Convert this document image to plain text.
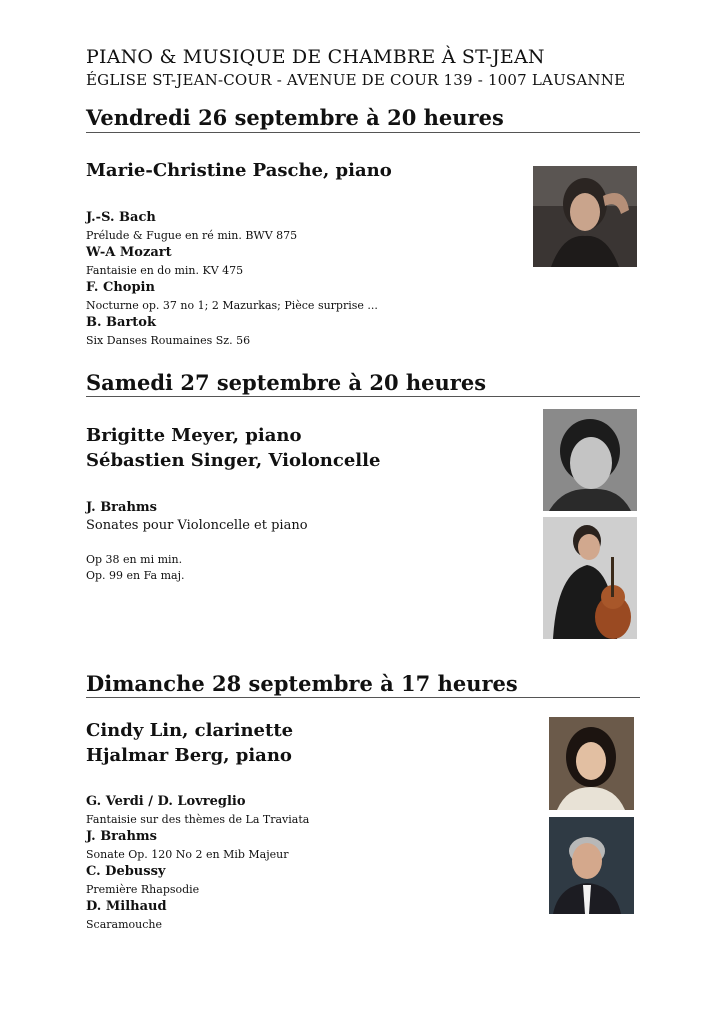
PIANO & MUSIQUE DE CHAMBRE À ST-JEAN
ÉGLISE ST-JEAN-COUR - AVENUE DE COUR 139 - 1007 LAUSANNE
Vendredi 26 septembre à 20 heures
Marie-Christine Pasche, piano
J.-S. Bach
Prélude & Fugue en ré min. BWV 875
W-A Mozart
Fantaisie en do min. KV 475
F. Chopin
Nocturne op. 37 no 1; 2 Mazurkas; Pièce surprise ...
B. Bartok
Six Danses Roumaines Sz. 56
Samedi 27 septembre à 20 heures
Brigitte Meyer, piano
Sébastien Singer, Violoncelle
J. Brahms
Sonates pour Violoncelle et piano
Op 38 en mi min.
Op. 99 en Fa maj.
Dimanche 28 septembre à 17 heures
Cindy Lin, clarinette
Hjalmar Berg, piano
G. Verdi / D. Lovreglio
Fantaisie sur des thèmes de La Traviata
J. Brahms
Sonate Op. 120 No 2 en Mib Majeur
C. Debussy
Première Rhapsodie
D. Milhaud
Scaramouche
